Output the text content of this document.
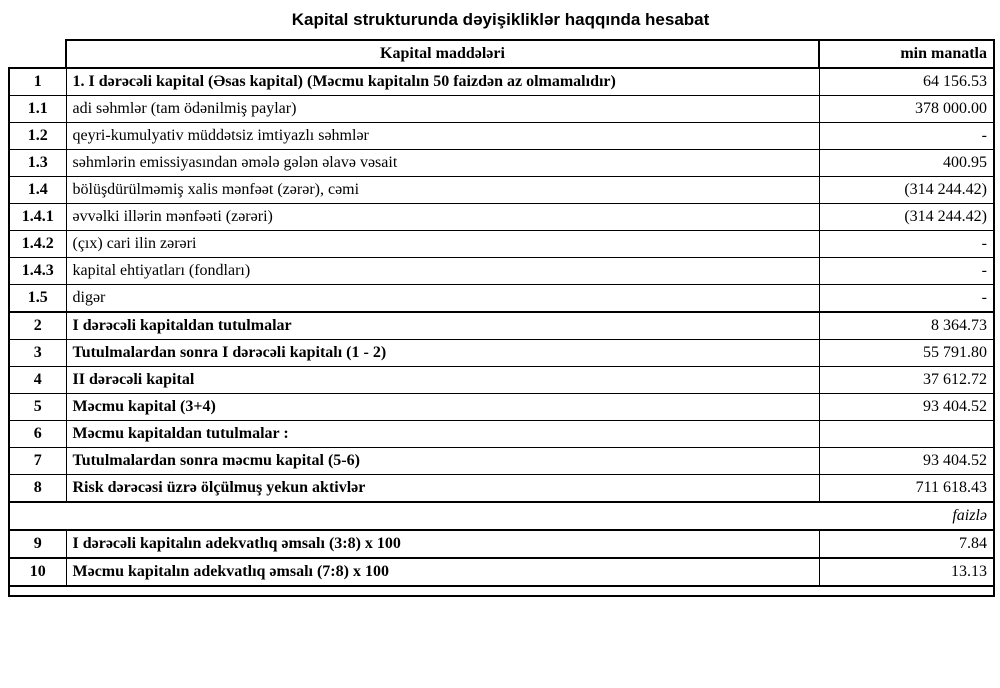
Kapital strukturunda dəyişikliklər haqqında hesabat
	Kapital maddələri	min manatla
1	1. I dərəcəli kapital (Əsas kapital) (Məcmu kapitalın 50 faizdən az olmamalıdır)	64 156.53
1.1	adi səhmlər (tam ödənilmiş paylar)	378 000.00
1.2	qeyri-kumulyativ müddətsiz imtiyazlı səhmlər	-
1.3	səhmlərin emissiyasından əmələ gələn əlavə vəsait	400.95
1.4	bölüşdürülməmiş xalis mənfəət (zərər), cəmi	(314 244.42)
1.4.1	əvvəlki illərin mənfəəti (zərəri)	(314 244.42)
1.4.2	(çıx) cari ilin zərəri	-
1.4.3	kapital ehtiyatları (fondları)	-
1.5	digər	-
2	I dərəcəli kapitaldan tutulmalar	8 364.73
3	Tutulmalardan sonra I dərəcəli kapitalı (1 - 2)	55 791.80
4	II dərəcəli kapital	37 612.72
5	Məcmu kapital (3+4)	93 404.52
6	Məcmu kapitaldan tutulmalar :	
7	Tutulmalardan sonra məcmu kapital (5-6)	93 404.52
8	Risk dərəcəsi üzrə ölçülmuş yekun aktivlər	711 618.43
faizlə		
9	I dərəcəli kapitalın adekvatlıq əmsalı (3:8) x 100	7.84
10	Məcmu kapitalın adekvatlıq əmsalı (7:8) x 100	13.13
